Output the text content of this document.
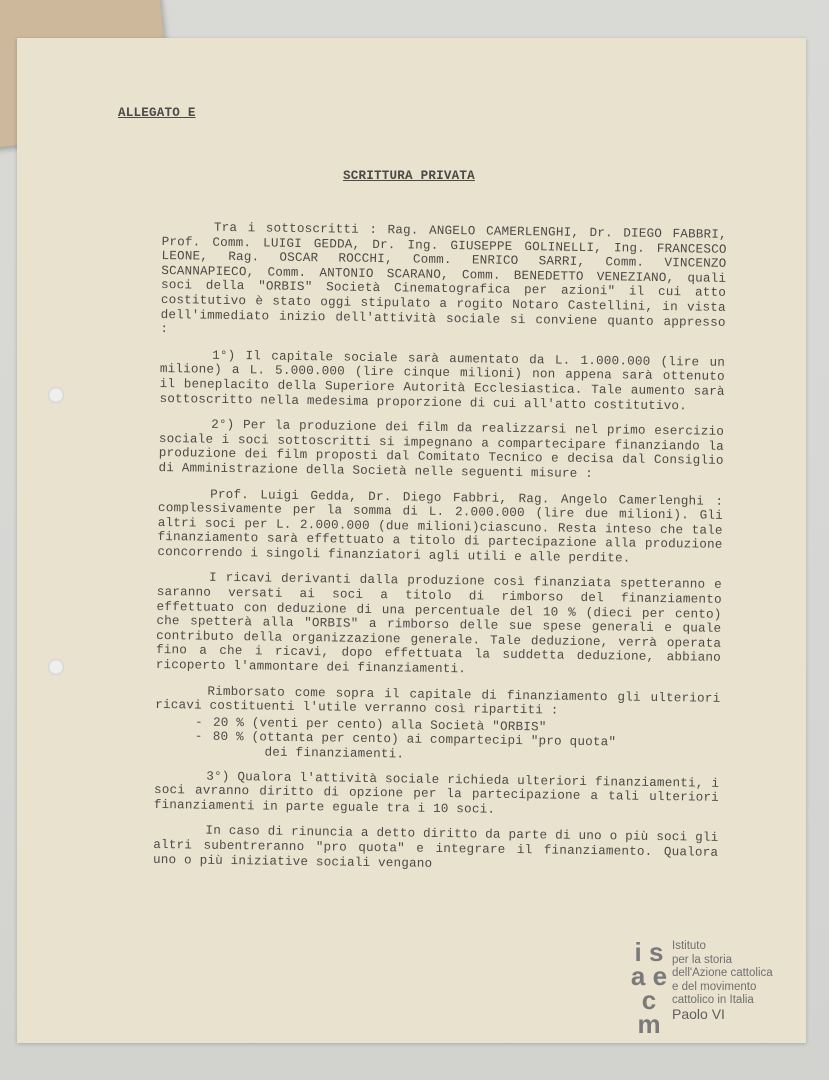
ALLEGATO E
SCRITTURA PRIVATA

Tra i sottoscritti : Rag. ANGELO CAMERLENGHI, Dr. DIEGO FABBRI, Prof. Comm. LUIGI GEDDA, Dr. Ing. GIUSEPPE GOLINELLI, Ing. FRANCESCO LEONE, Rag. OSCAR ROCCHI, Comm. ENRICO SARRI, Comm. VINCENZO SCANNAPIECO, Comm. ANTONIO SCARANO, Comm. BENEDETTO VENEZIANO, quali soci della "ORBIS" Società Cinematografica per azioni" il cui atto costitutivo è stato oggi stipulato a rogito Notaro Castellini, in vista dell'immediato inizio dell'attività sociale si conviene quanto appresso :

1°) Il capitale sociale sarà aumentato da L. 1.000.000 (lire un milione) a L. 5.000.000 (lire cinque milioni) non appena sarà ottenuto il beneplacito della Superiore Autorità Ecclesiastica. Tale aumento sarà sottoscritto nella medesima proporzione di cui all'atto costitutivo.

2°) Per la produzione dei film da realizzarsi nel primo esercizio sociale i soci sottoscritti si impegnano a compartecipare finanziando la produzione dei film proposti dal Comitato Tecnico e decisa dal Consiglio di Amministrazione della Società nelle seguenti misure :

Prof. Luigi Gedda, Dr. Diego Fabbri, Rag. Angelo Camerlenghi : complessivamente per la somma di L. 2.000.000 (lire due milioni). Gli altri soci per L. 2.000.000 (due milioni)ciascuno. Resta inteso che tale finanziamento sarà effettuato a titolo di partecipazione alla produzione concorrendo i singoli finanziatori agli utili e alle perdite.

I ricavi derivanti dalla produzione così finanziata spetteranno e saranno versati ai soci a titolo di rimborso del finanziamento effettuato con deduzione di una percentuale del 10 % (dieci per cento) che spetterà alla "ORBIS" a rimborso delle sue spese generali e quale contributo della organizzazione generale. Tale deduzione, verrà operata fino a che i ricavi, dopo effettuata la suddetta deduzione, abbiano ricoperto l'ammontare dei finanziamenti.

Rimborsato come sopra il capitale di finanziamento gli ulteriori ricavi costituenti l'utile verranno così ripartiti :

- 20 % (venti per cento) alla Società "ORBIS"
- 80 % (ottanta per cento) ai compartecipi "pro quota"
dei finanziamenti.

3°) Qualora l'attività sociale richieda ulteriori finanziamenti, i soci avranno diritto di opzione per la partecipazione a tali ulteriori finanziamenti in parte eguale tra i 10 soci.

In caso di rinuncia a detto diritto da parte di uno o più soci gli altri subentreranno "pro quota" e integrare il finanziamento. Qualora uno o più iniziative sociali vengano

i s a e c m
Istituto
per la storia
dell'Azione cattolica
e del movimento
cattolico in Italia
Paolo VI
